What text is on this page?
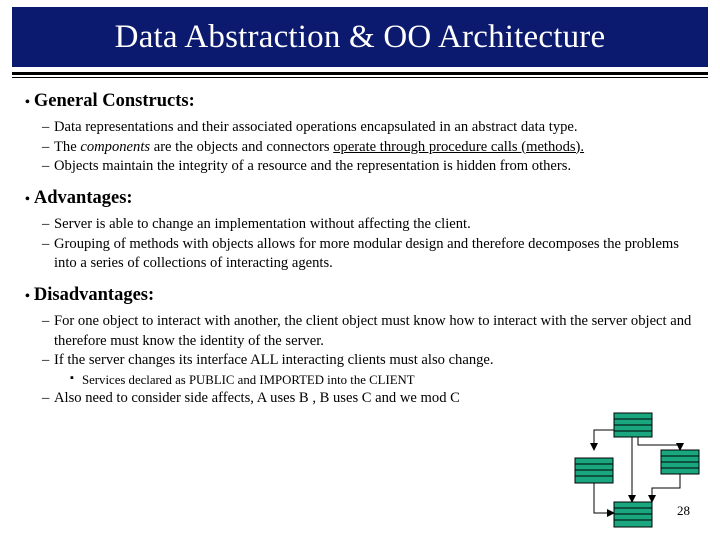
Data Abstraction & OO Architecture
• General Constructs:
– Data representations and their associated operations encapsulated in an abstract data type.
– The components are the objects and connectors operate through procedure calls (methods).
– Objects maintain the integrity of a resource and the representation is hidden from others.
• Advantages:
– Server is able to change an implementation without affecting the client.
– Grouping of methods with objects allows for more modular design and therefore decomposes the problems into a series of collections of interacting agents.
• Disadvantages:
– For one object to interact with another, the client object must know how to interact with the server object and therefore must know the identity of the server.
– If the server changes its interface ALL interacting clients must also change.
▪ Services declared as PUBLIC and IMPORTED into the CLIENT
– Also need to consider side affects, A uses B , B uses C and we mod C
28
